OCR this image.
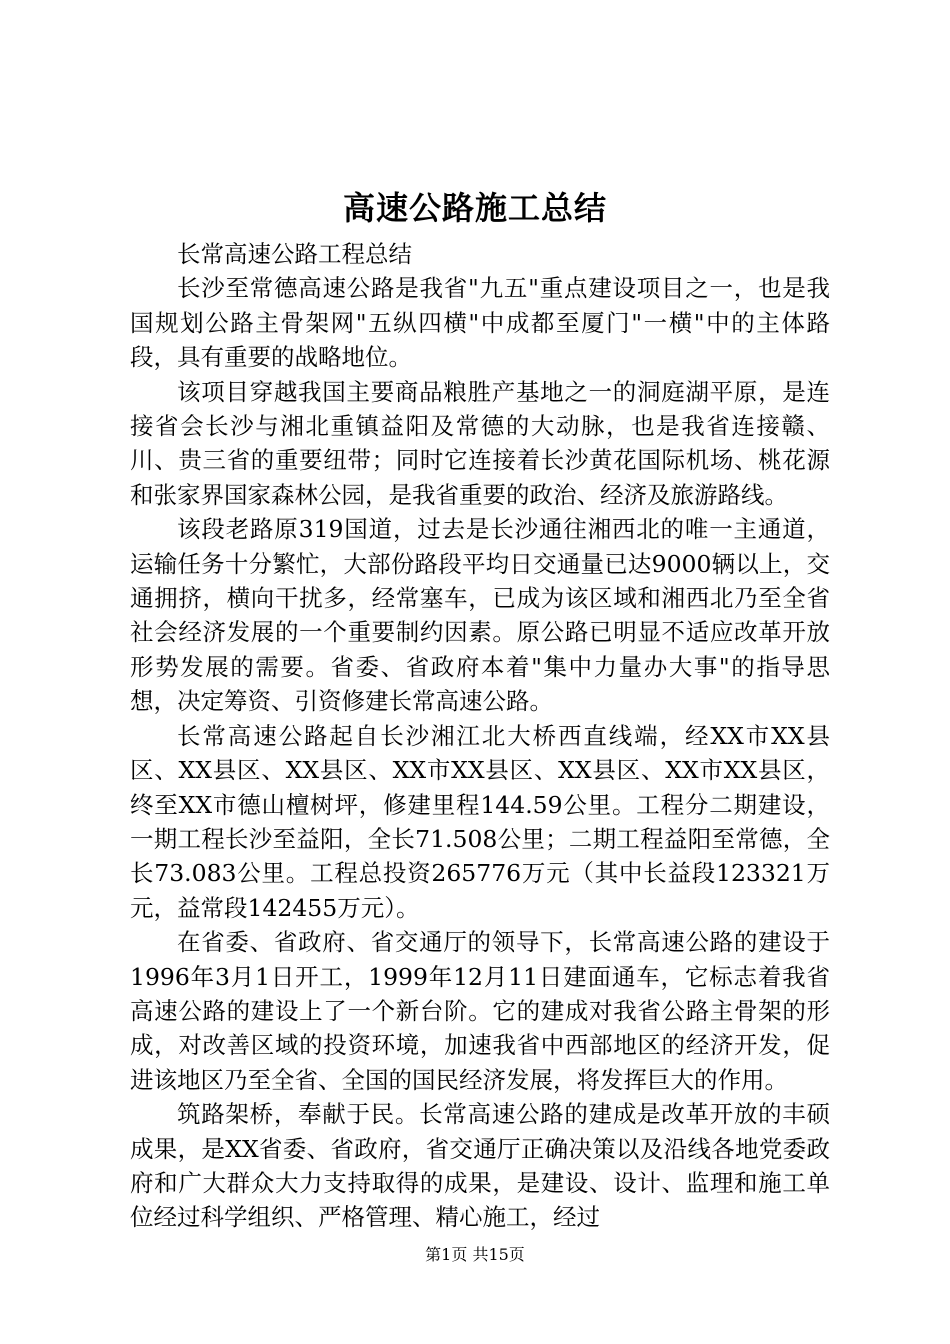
高速公路施工总结

长常高速公路工程总结

长沙至常德高速公路是我省"九五"重点建设项目之一，也是我国规划公路主骨架网"五纵四横"中成都至厦门"一横"中的主体路段，具有重要的战略地位。

该项目穿越我国主要商品粮胜产基地之一的洞庭湖平原，是连接省会长沙与湘北重镇益阳及常德的大动脉，也是我省连接赣、川、贵三省的重要纽带；同时它连接着长沙黄花国际机场、桃花源和张家界国家森林公园，是我省重要的政治、经济及旅游路线。

该段老路原319国道，过去是长沙通往湘西北的唯一主通道，运输任务十分繁忙，大部份路段平均日交通量已达9000辆以上，交通拥挤，横向干扰多，经常塞车，已成为该区域和湘西北乃至全省社会经济发展的一个重要制约因素。原公路已明显不适应改革开放形势发展的需要。省委、省政府本着"集中力量办大事"的指导思想，决定筹资、引资修建长常高速公路。

长常高速公路起自长沙湘江北大桥西直线端，经XX市XX县区、XX县区、XX县区、XX市XX县区、XX县区、XX市XX县区，终至XX市德山檀树坪，修建里程144.59公里。工程分二期建设，一期工程长沙至益阳，全长71.508公里；二期工程益阳至常德，全长73.083公里。工程总投资265776万元（其中长益段123321万元，益常段142455万元）。

在省委、省政府、省交通厅的领导下，长常高速公路的建设于1996年3月1日开工，1999年12月11日建面通车，它标志着我省高速公路的建设上了一个新台阶。它的建成对我省公路主骨架的形成，对改善区域的投资环境，加速我省中西部地区的经济开发，促进该地区乃至全省、全国的国民经济发展，将发挥巨大的作用。

筑路架桥，奉献于民。长常高速公路的建成是改革开放的丰硕成果，是XX省委、省政府，省交通厅正确决策以及沿线各地党委政府和广大群众大力支持取得的成果，是建设、设计、监理和施工单位经过科学组织、严格管理、精心施工，经过

第1页 共15页
